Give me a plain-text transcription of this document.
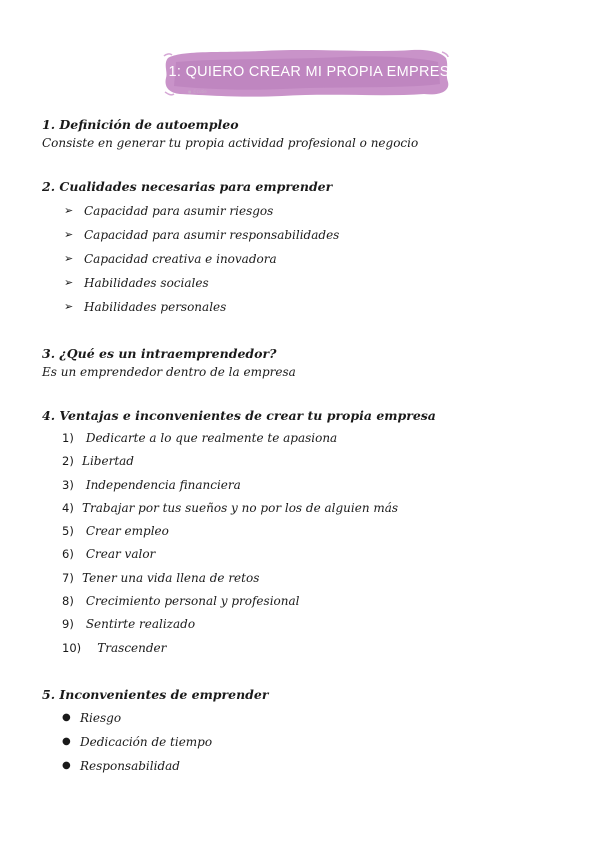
T. 1: QUIERO CREAR MI PROPIA EMPRESA
● ©cutie

1. Definición de autoempleo

Consiste en generar tu propia actividad profesional o negocio

2. Cualidades necesarias para emprender

➢ Capacidad para asumir riesgos
➢ Capacidad para asumir responsabilidades
➢ Capacidad creativa e inovadora
➢ Habilidades sociales
➢ Habilidades personales

3. ¿Qué es un intraemprendedor?

Es un emprendedor dentro de la empresa

4. Ventajas e inconvenientes de crear tu propia empresa

1)
	Dedicarte a lo que realmente te apasiona
2) Libertad
3)
	Independencia financiera
4) Trabajar por tus sueños y no por los de alguien más
5)
	Crear empleo
6)
	Crear valor
7) Tener una vida llena de retos
8)
	Crecimiento personal y profesional
9)
	Sentirte realizado
10)
Trascender

5. Inconvenientes de emprender

● Riesgo
● Dedicación de tiempo
● Responsabilidad
